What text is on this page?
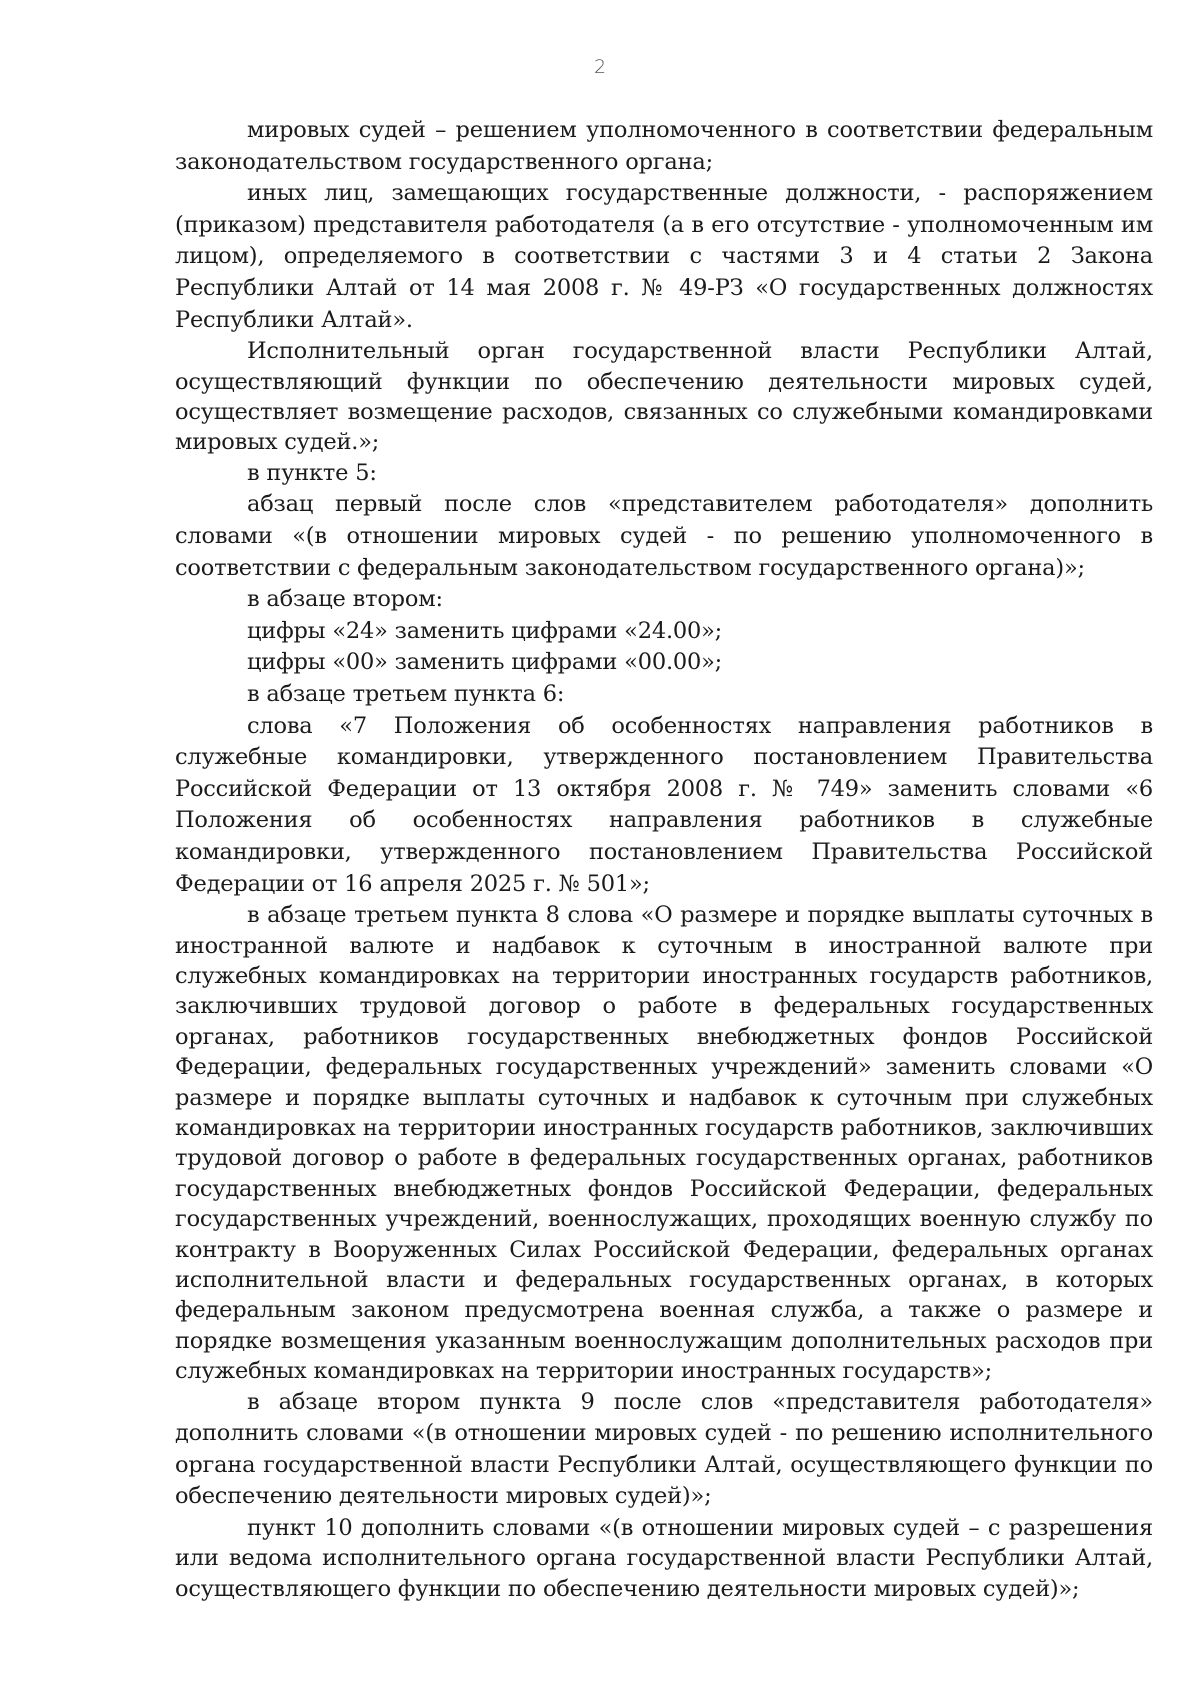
2

мировых судей – решением уполномоченного в соответствии федеральным законодательством государственного органа;

иных лиц, замещающих государственные должности, - распоряжением (приказом) представителя работодателя (а в его отсутствие - уполномоченным им лицом), определяемого в соответствии с частями 3 и 4 статьи 2 Закона Республики Алтай от 14 мая 2008 г. № 49-РЗ «О государственных должностях Республики Алтай».

Исполнительный орган государственной власти Республики Алтай, осуществляющий функции по обеспечению деятельности мировых судей, осуществляет возмещение расходов, связанных со служебными командировками мировых судей.»;

в пункте 5:

абзац первый после слов «представителем работодателя» дополнить словами «(в отношении мировых судей - по решению уполномоченного в соответствии с федеральным законодательством государственного органа)»;

в абзаце втором:

цифры «24» заменить цифрами «24.00»;

цифры «00» заменить цифрами «00.00»;

в абзаце третьем пункта 6:

слова «7 Положения об особенностях направления работников в служебные командировки, утвержденного постановлением Правительства Российской Федерации от 13 октября 2008 г. № 749» заменить словами «6 Положения об особенностях направления работников в служебные командировки, утвержденного постановлением Правительства Российской Федерации от 16 апреля 2025 г. № 501»;

в абзаце третьем пункта 8 слова «О размере и порядке выплаты суточных в иностранной валюте и надбавок к суточным в иностранной валюте при служебных командировках на территории иностранных государств работников, заключивших трудовой договор о работе в федеральных государственных органах, работников государственных внебюджетных фондов Российской Федерации, федеральных государственных учреждений» заменить словами «О размере и порядке выплаты суточных и надбавок к суточным при служебных командировках на территории иностранных государств работников, заключивших трудовой договор о работе в федеральных государственных органах, работников государственных внебюджетных фондов Российской Федерации, федеральных государственных учреждений, военнослужащих, проходящих военную службу по контракту в Вооруженных Силах Российской Федерации, федеральных органах исполнительной власти и федеральных государственных органах, в которых федеральным законом предусмотрена военная служба, а также о размере и порядке возмещения указанным военнослужащим дополнительных расходов при служебных командировках на территории иностранных государств»;

в абзаце втором пункта 9 после слов «представителя работодателя» дополнить словами «(в отношении мировых судей - по решению исполнительного органа государственной власти Республики Алтай, осуществляющего функции по обеспечению деятельности мировых судей)»;

пункт 10 дополнить словами «(в отношении мировых судей – с разрешения или ведома исполнительного органа государственной власти Республики Алтай, осуществляющего функции по обеспечению деятельности мировых судей)»;
